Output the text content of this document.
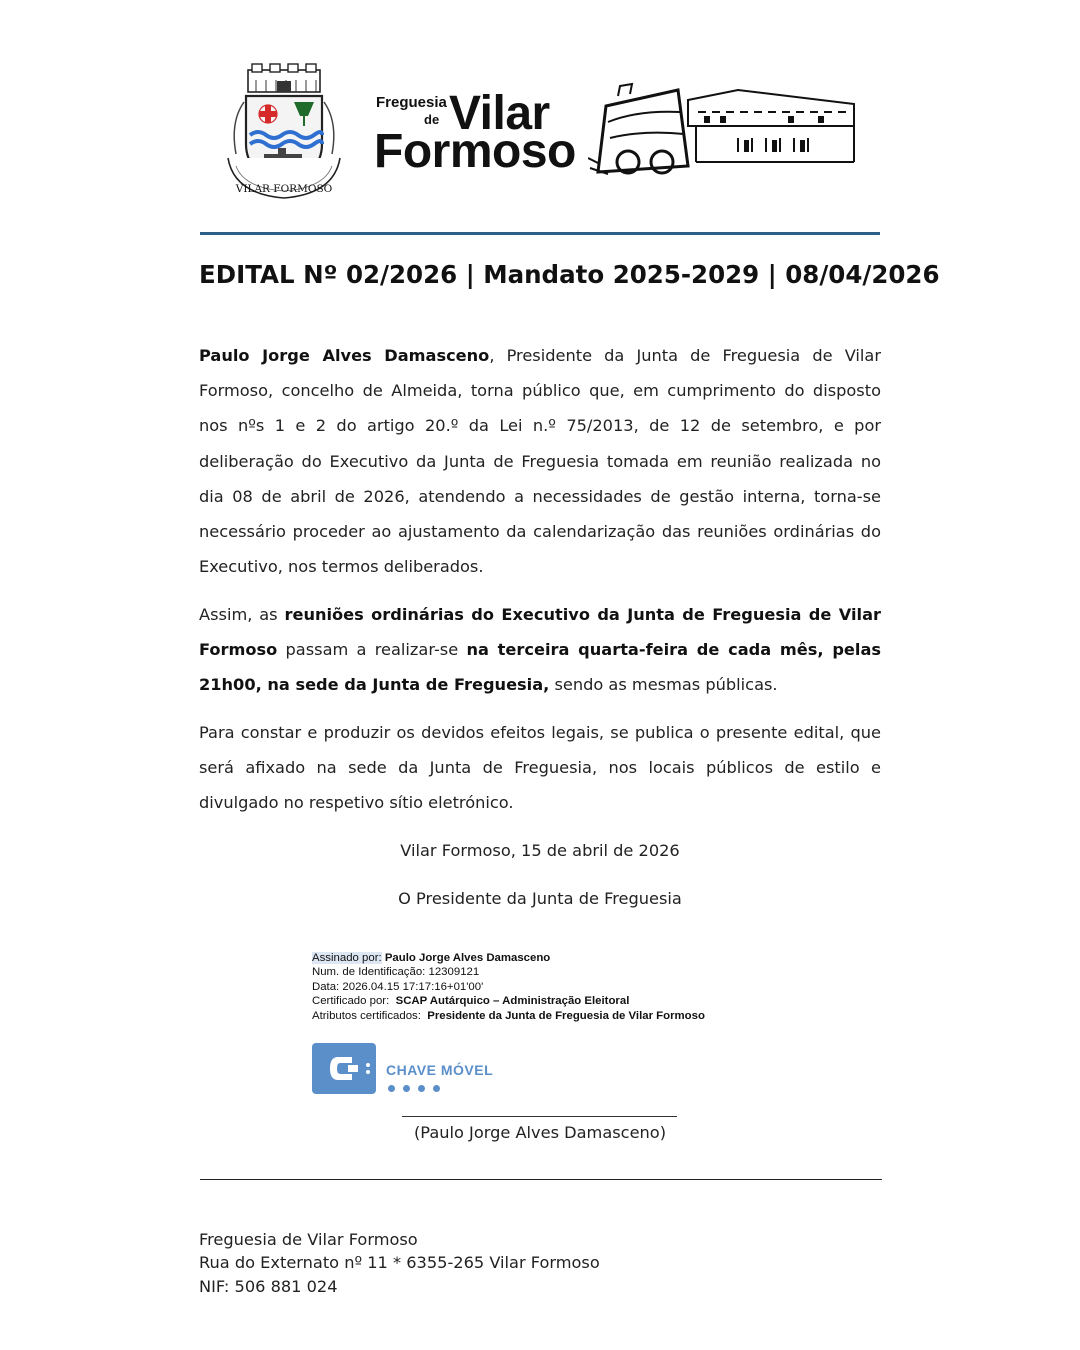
VILAR FORMOSO
Freguesia
de Vilar
Formoso
EDITAL Nº 02/2026 | Mandato 2025-2029 | 08/04/2026
Paulo Jorge Alves Damasceno, Presidente da Junta de Freguesia de Vilar Formoso, concelho de Almeida, torna público que, em cumprimento do disposto nos nºs 1 e 2 do artigo 20.º da Lei n.º 75/2013, de 12 de setembro, e por deliberação do Executivo da Junta de Freguesia tomada em reunião realizada no dia 08 de abril de 2026, atendendo a necessidades de gestão interna, torna-se necessário proceder ao ajustamento da calendarização das reuniões ordinárias do Executivo, nos termos deliberados.
Assim, as reuniões ordinárias do Executivo da Junta de Freguesia de Vilar Formoso passam a realizar-se na terceira quarta-feira de cada mês, pelas 21h00, na sede da Junta de Freguesia, sendo as mesmas públicas.
Para constar e produzir os devidos efeitos legais, se publica o presente edital, que será afixado na sede da Junta de Freguesia, nos locais públicos de estilo e divulgado no respetivo sítio eletrónico.
Vilar Formoso, 15 de abril de 2026
O Presidente da Junta de Freguesia
Assinado por: Paulo Jorge Alves Damasceno
Num. de Identificação: 12309121
Data: 2026.04.15 17:17:16+01'00'
Certificado por: SCAP Autárquico – Administração Eleitoral
Atributos certificados: Presidente da Junta de Freguesia de Vilar Formoso
CHAVE MÓVEL
(Paulo Jorge Alves Damasceno)
Freguesia de Vilar Formoso
Rua do Externato nº 11 * 6355-265 Vilar Formoso
NIF: 506 881 024
